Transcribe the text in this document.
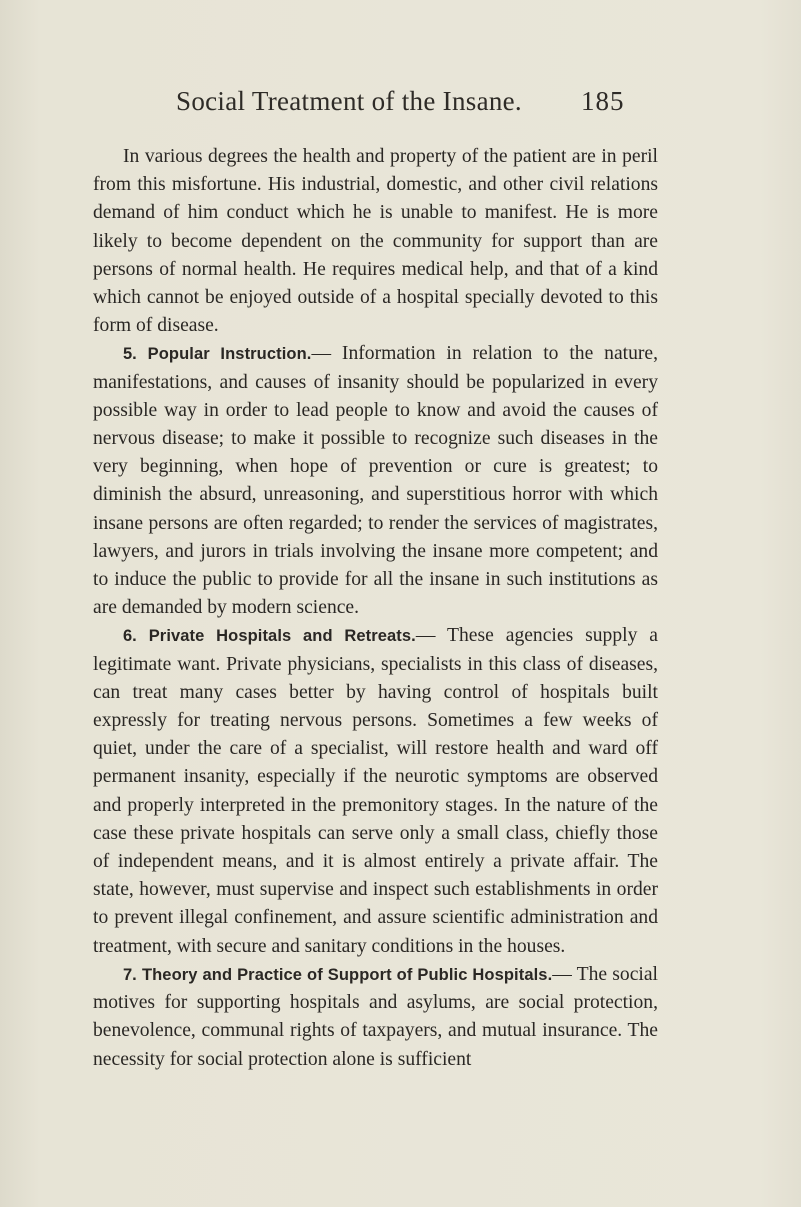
Social Treatment of the Insane. 185

In various degrees the health and property of the patient are in peril from this misfortune. His industrial, domestic, and other civil relations demand of him conduct which he is unable to manifest. He is more likely to become dependent on the community for support than are persons of normal health. He requires medical help, and that of a kind which cannot be enjoyed outside of a hospital specially devoted to this form of disease.

5. Popular Instruction.— Information in relation to the nature, manifestations, and causes of insanity should be popularized in every possible way in order to lead people to know and avoid the causes of nervous disease; to make it possible to recognize such diseases in the very beginning, when hope of prevention or cure is greatest; to diminish the absurd, unreasoning, and superstitious horror with which insane persons are often regarded; to render the services of magistrates, lawyers, and jurors in trials involving the insane more competent; and to induce the public to provide for all the insane in such institutions as are demanded by modern science.

6. Private Hospitals and Retreats.— These agencies supply a legitimate want. Private physicians, specialists in this class of diseases, can treat many cases better by having control of hospitals built expressly for treating nervous persons. Sometimes a few weeks of quiet, under the care of a specialist, will restore health and ward off permanent insanity, especially if the neurotic symptoms are observed and properly interpreted in the premonitory stages. In the nature of the case these private hospitals can serve only a small class, chiefly those of independent means, and it is almost entirely a private affair. The state, however, must supervise and inspect such establishments in order to prevent illegal confinement, and assure scientific administration and treatment, with secure and sanitary conditions in the houses.

7. Theory and Practice of Support of Public Hospitals.— The social motives for supporting hospitals and asylums, are social protection, benevolence, communal rights of taxpayers, and mutual insurance. The necessity for social protection alone is sufficient
